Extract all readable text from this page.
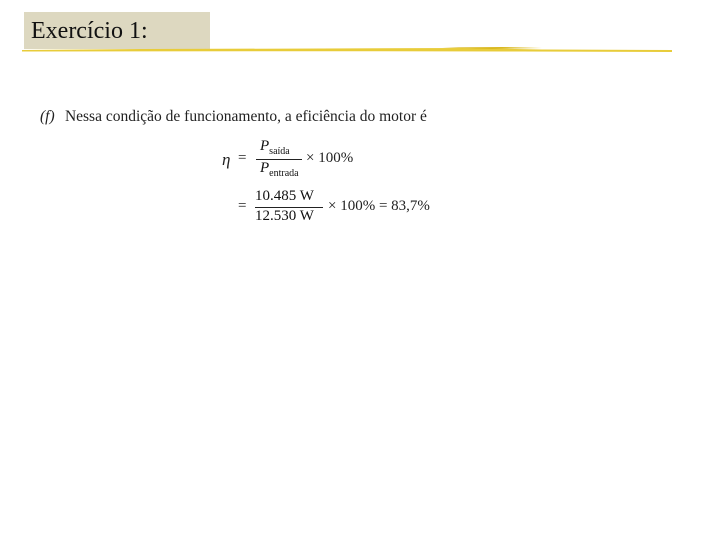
Exercício 1:
(f) Nessa condição de funcionamento, a eficiência do motor é
η =
$P_{saída}$
$P_{entrada}$
× 100%
=
10.485 W
12.530 W
× 100% = 83,7%
